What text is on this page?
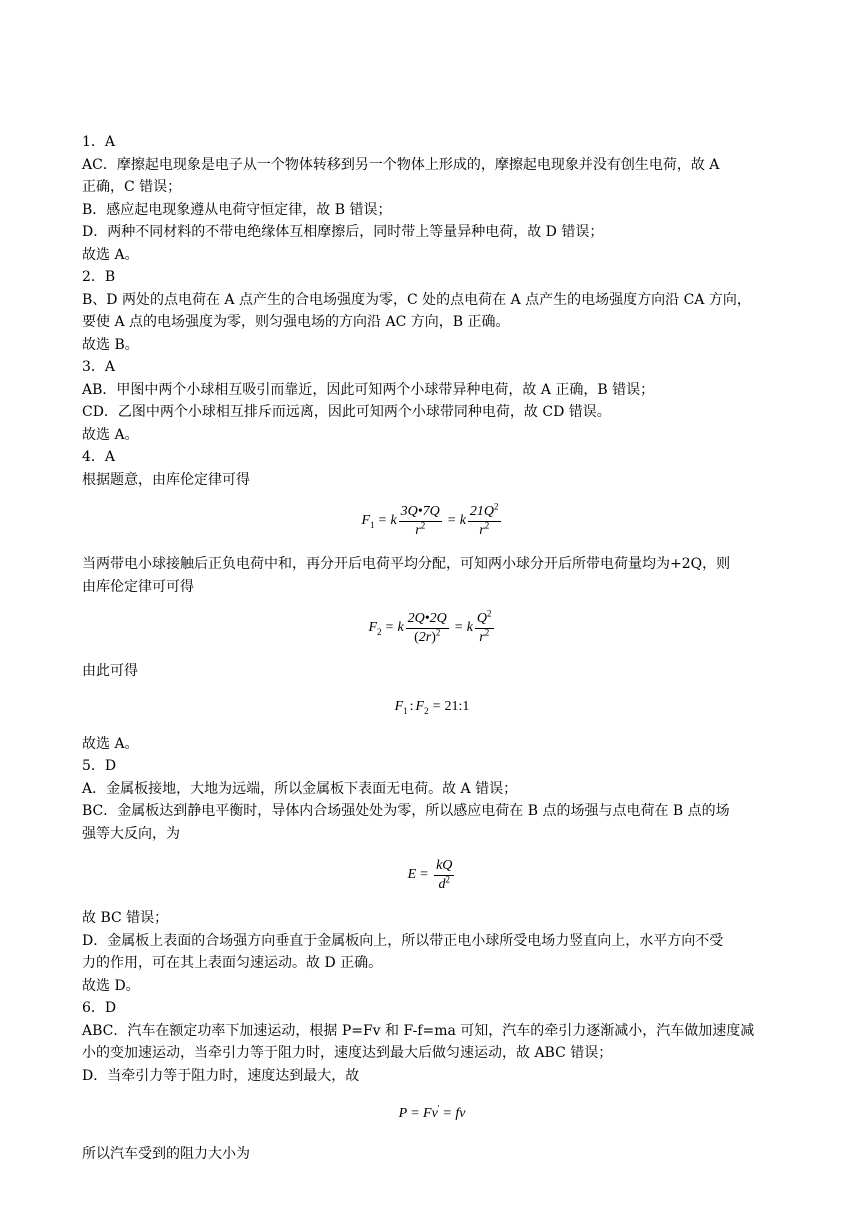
1．A

AC．摩擦起电现象是电子从一个物体转移到另一个物体上形成的，摩擦起电现象并没有创生电荷，故 A

正确，C 错误；

B．感应起电现象遵从电荷守恒定律，故 B 错误；

D．两种不同材料的不带电绝缘体互相摩擦后，同时带上等量异种电荷，故 D 错误；

故选 A。

2．B

B、D 两处的点电荷在 A 点产生的合电场强度为零，C 处的点电荷在 A 点产生的电场强度方向沿 CA 方向，

要使 A 点的电场强度为零，则匀强电场的方向沿 AC 方向，B 正确。

故选 B。

3．A

AB．甲图中两个小球相互吸引而靠近，因此可知两个小球带异种电荷，故 A 正确，B 错误；

CD．乙图中两个小球相互排斥而远离，因此可知两个小球带同种电荷，故 CD 错误。

故选 A。

4．A

根据题意，由库伦定律可得

$F_1 = k \frac{3Q•7Q}{r^2} = k \frac{21Q^2}{r^2}$

当两带电小球接触后正负电荷中和，再分开后电荷平均分配，可知两小球分开后所带电荷量均为+2Q，则

由库伦定律可可得

$F_2 = k \frac{2Q•2Q}{(2r)^2} = k \frac{Q^2}{r^2}$

由此可得

$F_1$ : $F_2$ = 21:1

故选 A。

5．D

A．金属板接地，大地为远端，所以金属板下表面无电荷。故 A 错误；

BC．金属板达到静电平衡时，导体内合场强处处为零，所以感应电荷在 B 点的场强与点电荷在 B 点的场

强等大反向，为

$E = \frac{kQ}{d^2}$

故 BC 错误；

D．金属板上表面的合场强方向垂直于金属板向上，所以带正电小球所受电场力竖直向上，水平方向不受

力的作用，可在其上表面匀速运动。故 D 正确。

故选 D。

6．D

ABC．汽车在额定功率下加速运动，根据 P=Fv 和 F-f=ma 可知，汽车的牵引力逐渐减小，汽车做加速度减

小的变加速运动，当牵引力等于阻力时，速度达到最大后做匀速运动，故 ABC 错误；

D．当牵引力等于阻力时，速度达到最大，故

P = Fv' = fv

所以汽车受到的阻力大小为
